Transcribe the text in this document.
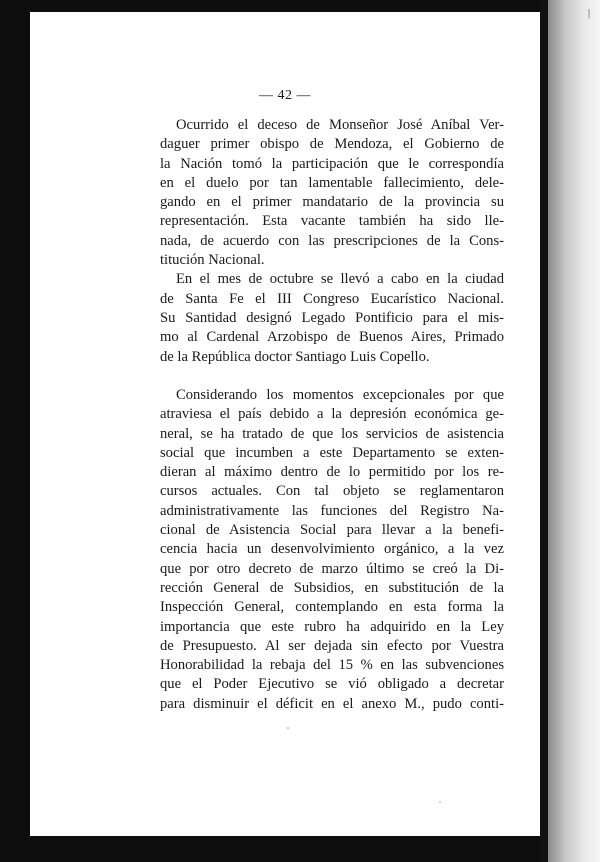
|
— 42 —
Ocurrido el deceso de Monseñor José Aníbal Ver-
daguer primer obispo de Mendoza, el Gobierno de
la Nación tomó la participación que le correspondía
en el duelo por tan lamentable fallecimiento, dele-
gando en el primer mandatario de la provincia su
representación. Esta vacante también ha sido lle-
nada, de acuerdo con las prescripciones de la Cons-
titución Nacional.
En el mes de octubre se llevó a cabo en la ciudad
de Santa Fe el III Congreso Eucarístico Nacional.
Su Santidad designó Legado Pontificio para el mis-
mo al Cardenal Arzobispo de Buenos Aires, Primado
de la República doctor Santiago Luis Copello.
Considerando los momentos excepcionales por que
atraviesa el país debido a la depresión económica ge-
neral, se ha tratado de que los servicios de asistencia
social que incumben a este Departamento se exten-
dieran al máximo dentro de lo permitido por los re-
cursos actuales. Con tal objeto se reglamentaron
administrativamente las funciones del Registro Na-
cional de Asistencia Social para llevar a la benefi-
cencia hacia un desenvolvimiento orgánico, a la vez
que por otro decreto de marzo último se creó la Di-
rección General de Subsidios, en substitución de la
Inspección General, contemplando en esta forma la
importancia que este rubro ha adquirido en la Ley
de Presupuesto. Al ser dejada sin efecto por Vuestra
Honorabilidad la rebaja del 15 % en las subvenciones
que el Poder Ejecutivo se vió obligado a decretar
para disminuir el déficit en el anexo M., pudo conti-
